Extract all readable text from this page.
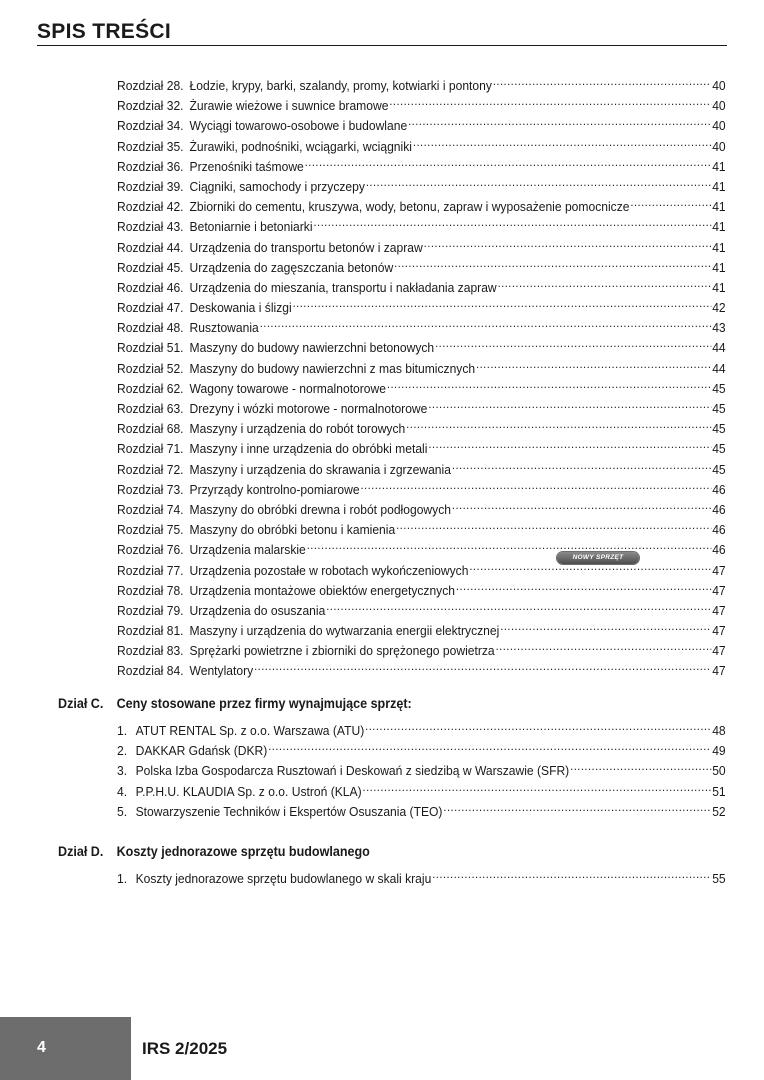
SPIS TREŚCI
Rozdział 28. Łodzie, krypy, barki, szalandy, promy, kotwiarki i pontony .....	40
Rozdział 32. Żurawie wieżowe i suwnice bramowe .....	40
Rozdział 34. Wyciągi towarowo-osobowe i budowlane .....	40
Rozdział 35. Żurawiki, podnośniki, wciągarki, wciągniki .....	40
Rozdział 36. Przenośniki taśmowe .....	41
Rozdział 39. Ciągniki, samochody i przyczepy .....	41
Rozdział 42. Zbiorniki do cementu, kruszywa, wody, betonu, zapraw i wyposażenie pomocnicze .....	41
Rozdział 43. Betoniarnie i betoniarki .....	41
Rozdział 44. Urządzenia do transportu betonów i zapraw .....	41
Rozdział 45. Urządzenia do zagęszczania betonów .....	41
Rozdział 46. Urządzenia do mieszania, transportu i nakładania zapraw .....	41
Rozdział 47. Deskowania i ślizgi .....	42
Rozdział 48. Rusztowania .....	43
Rozdział 51. Maszyny do budowy nawierzchni betonowych .....	44
Rozdział 52. Maszyny do budowy nawierzchni z mas bitumicznych .....	44
Rozdział 62. Wagony towarowe - normalnotorowe .....	45
Rozdział 63. Drezyny i wózki motorowe - normalnotorowe .....	45
Rozdział 68. Maszyny i urządzenia do robót torowych .....	45
Rozdział 71. Maszyny i inne urządzenia do obróbki metali .....	45
Rozdział 72. Maszyny i urządzenia do skrawania i zgrzewania .....	45
Rozdział 73. Przyrządy kontrolno-pomiarowe .....	46
Rozdział 74. Maszyny do obróbki drewna i robót podłogowych .....	46
Rozdział 75. Maszyny do obróbki betonu i kamienia .....	46
Rozdział 76. Urządzenia malarskie .....	46
Rozdział 77. Urządzenia pozostałe w robotach wykończeniowych .....	47
Rozdział 78. Urządzenia montażowe obiektów energetycznych .....	47
Rozdział 79. Urządzenia do osuszania .....	47
Rozdział 81. Maszyny i urządzenia do wytwarzania energii elektrycznej .....	47
Rozdział 83. Sprężarki powietrzne i zbiorniki do sprężonego powietrza .....	47
Rozdział 84. Wentylatory .....	47
NOWY SPRZĘT
Dział C. Ceny stosowane przez firmy wynajmujące sprzęt:
1. ATUT RENTAL Sp. z o.o. Warszawa (ATU) .....	48
2. DAKKAR Gdańsk (DKR) .....	49
3. Polska Izba Gospodarcza Rusztowań i Deskowań z siedzibą w Warszawie (SFR) .....	50
4. P.P.H.U. KLAUDIA Sp. z o.o. Ustroń (KLA) .....	51
5. Stowarzyszenie Techników i Ekspertów Osuszania (TEO) .....	52
Dział D. Koszty jednorazowe sprzętu budowlanego
1. Koszty jednorazowe sprzętu budowlanego w skali kraju .....	55
4	IRS 2/2025
